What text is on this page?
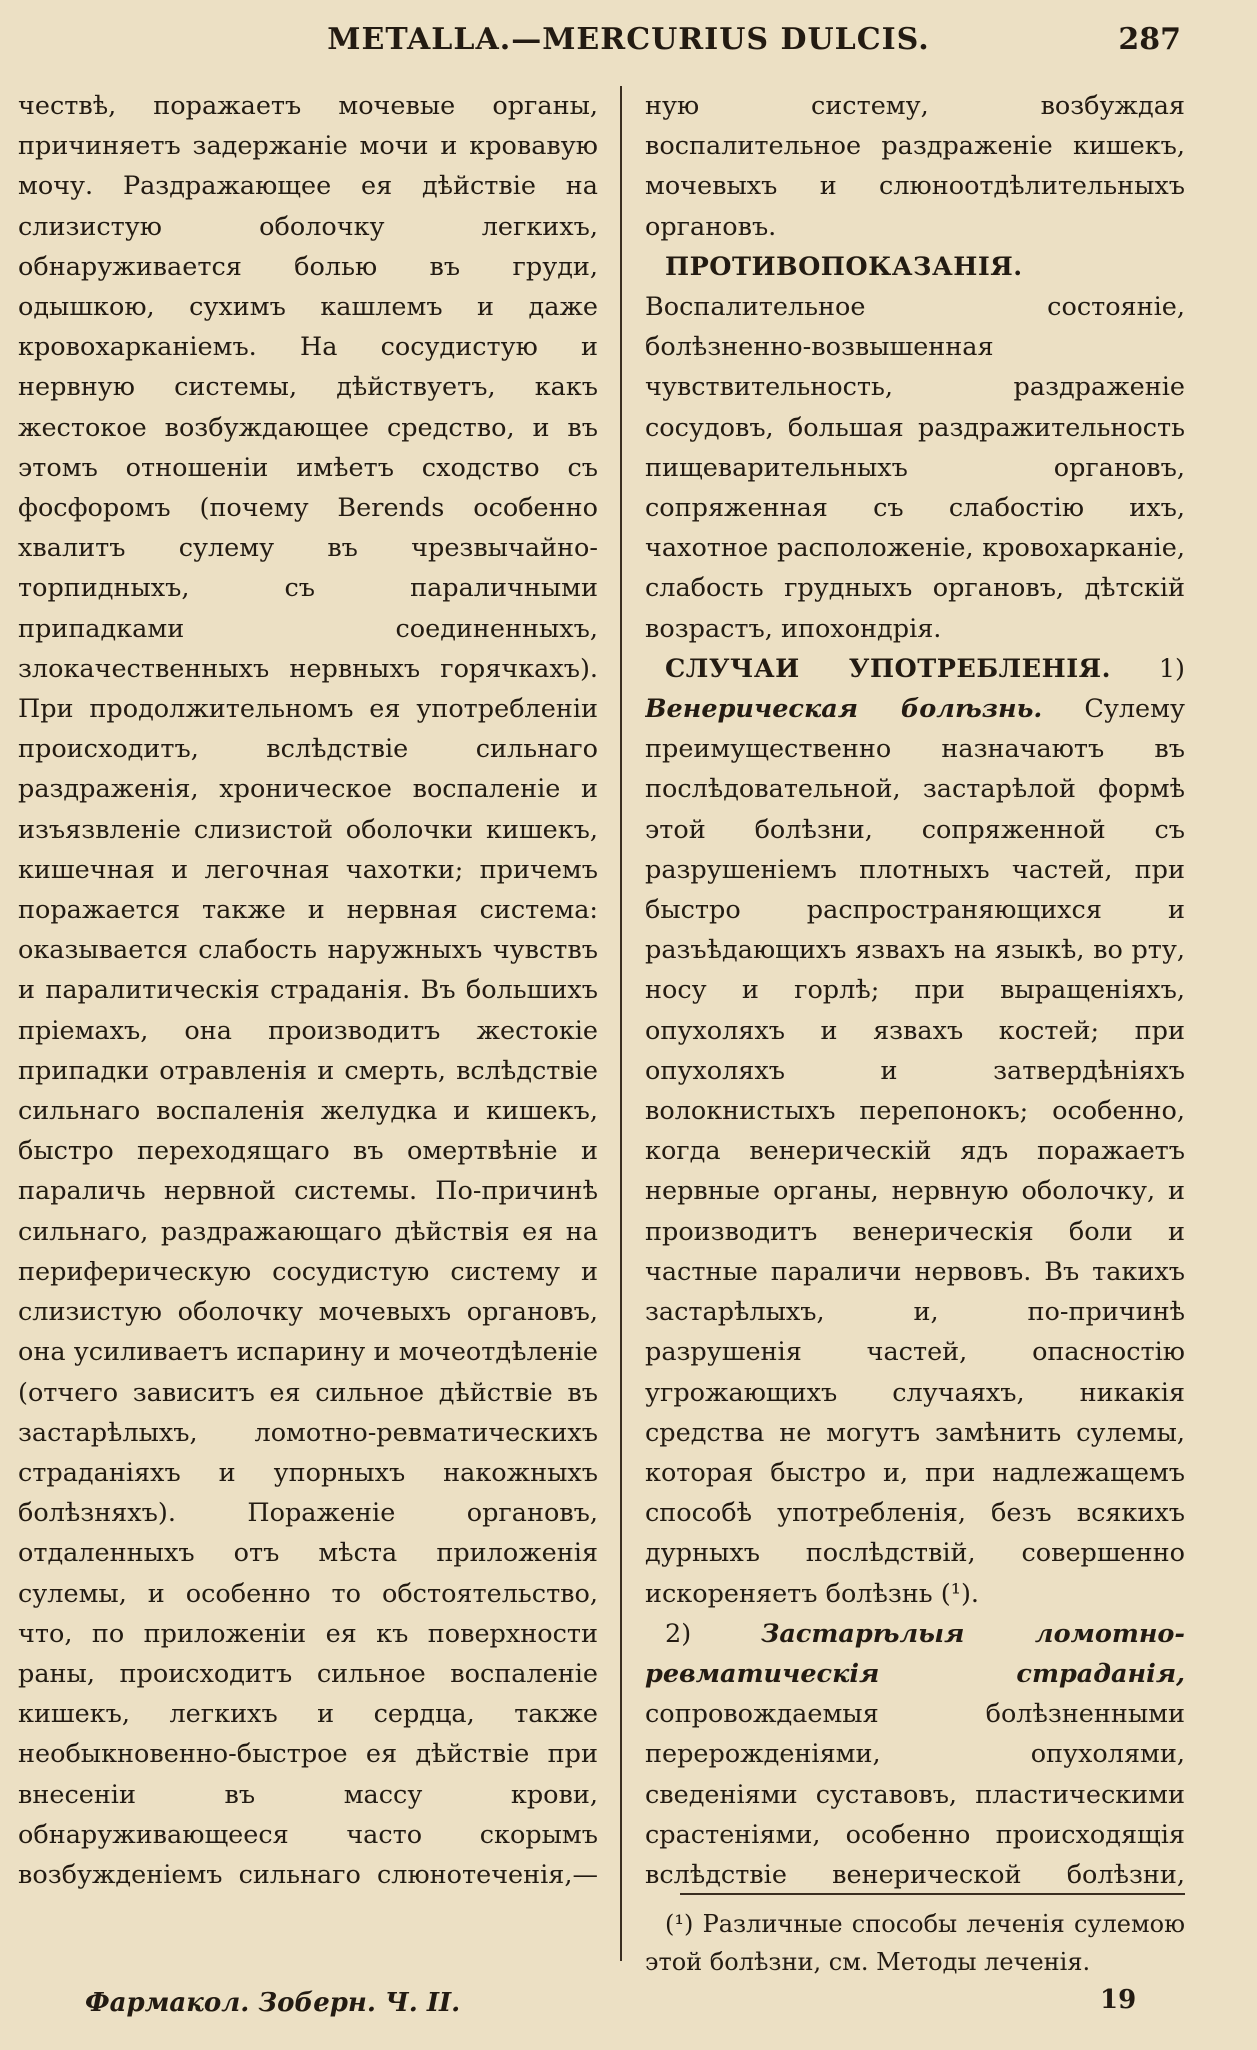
METALLA.—MERCURIUS DULCIS.	287

чествѣ, поражаетъ мочевые органы, причиняетъ задержаніе мочи и кровавую мочу. Раздражающее ея дѣйствіе на слизистую оболочку легкихъ, обнаруживается болью въ груди, одышкою, сухимъ кашлемъ и даже кровохарканіемъ. На сосудистую и нервную системы, дѣйствуетъ, какъ жестокое возбуждающее средство, и въ этомъ отношеніи имѣетъ сходство съ фосфоромъ (почему Berends особенно хвалитъ сулему въ чрезвычайно-торпидныхъ, съ параличными припадками соединенныхъ, злокачественныхъ нервныхъ горячкахъ). При продолжительномъ ея употребленіи происходитъ, вслѣдствіе сильнаго раздраженія, хроническое воспаленіе и изъязвленіе слизистой оболочки кишекъ, кишечная и легочная чахотки; причемъ поражается также и нервная система: оказывается слабость наружныхъ чувствъ и паралитическія страданія. Въ большихъ пріемахъ, она производитъ жестокіе припадки отравленія и смерть, вслѣдствіе сильнаго воспаленія желудка и кишекъ, быстро переходящаго въ омертвѣніе и параличь нервной системы. По-причинѣ сильнаго, раздражающаго дѣйствія ея на периферическую сосудистую систему и слизистую оболочку мочевыхъ органовъ, она усиливаетъ испарину и мочеотдѣленіе (отчего зависитъ ея сильное дѣйствіе въ застарѣлыхъ, ломотно-ревматическихъ страданіяхъ и упорныхъ накожныхъ болѣзняхъ). Пораженіе органовъ, отдаленныхъ отъ мѣста приложенія сулемы, и особенно то обстоятельство, что, по приложеніи ея къ поверхности раны, происходитъ сильное воспаленіе кишекъ, легкихъ и сердца, также необыкновенно-быстрое ея дѣйствіе при внесеніи въ массу крови, обнаруживающееся часто скорымъ возбужденіемъ сильнаго слюнотеченія,—

ную систему, возбуждая воспалительное раздраженіе кишекъ, мочевыхъ и слюноотдѣлительныхъ органовъ.

ПРОТИВОПОКАЗАНІЯ. Воспалительное состояніе, болѣзненно-возвышенная чувствительность, раздраженіе сосудовъ, большая раздражительность пищеварительныхъ органовъ, сопряженная съ слабостію ихъ, чахотное расположеніе, кровохарканіе, слабость грудныхъ органовъ, дѣтскій возрастъ, ипохондрія.

СЛУЧАИ УПОТРЕБЛЕНІЯ. 1) Венерическая болѣзнь. Сулему преимущественно назначаютъ въ послѣдовательной, застарѣлой формѣ этой болѣзни, сопряженной съ разрушеніемъ плотныхъ частей, при быстро распространяющихся и разъѣдающихъ язвахъ на языкѣ, во рту, носу и горлѣ; при выращеніяхъ, опухоляхъ и язвахъ костей; при опухоляхъ и затвердѣніяхъ волокнистыхъ перепонокъ; особенно, когда венерическій ядъ поражаетъ нервные органы, нервную оболочку, и производитъ венерическія боли и частные параличи нервовъ. Въ такихъ застарѣлыхъ, и, по-причинѣ разрушенія частей, опасностію угрожающихъ случаяхъ, никакія средства не могутъ замѣнить сулемы, которая быстро и, при надлежащемъ способѣ употребленія, безъ всякихъ дурныхъ послѣдствій, совершенно искореняетъ болѣзнь (¹).

2) Застарѣлыя ломотно-ревматическія страданія, сопровождаемыя болѣзненными перерожденіями, опухолями, сведеніями суставовъ, пластическими срастеніями, особенно происходящія вслѣдствіе венерической болѣзни,

(¹) Различные способы леченія сулемою этой болѣзни, см. Методы леченія.
Фармакол. Зоберн. Ч. II.	19
